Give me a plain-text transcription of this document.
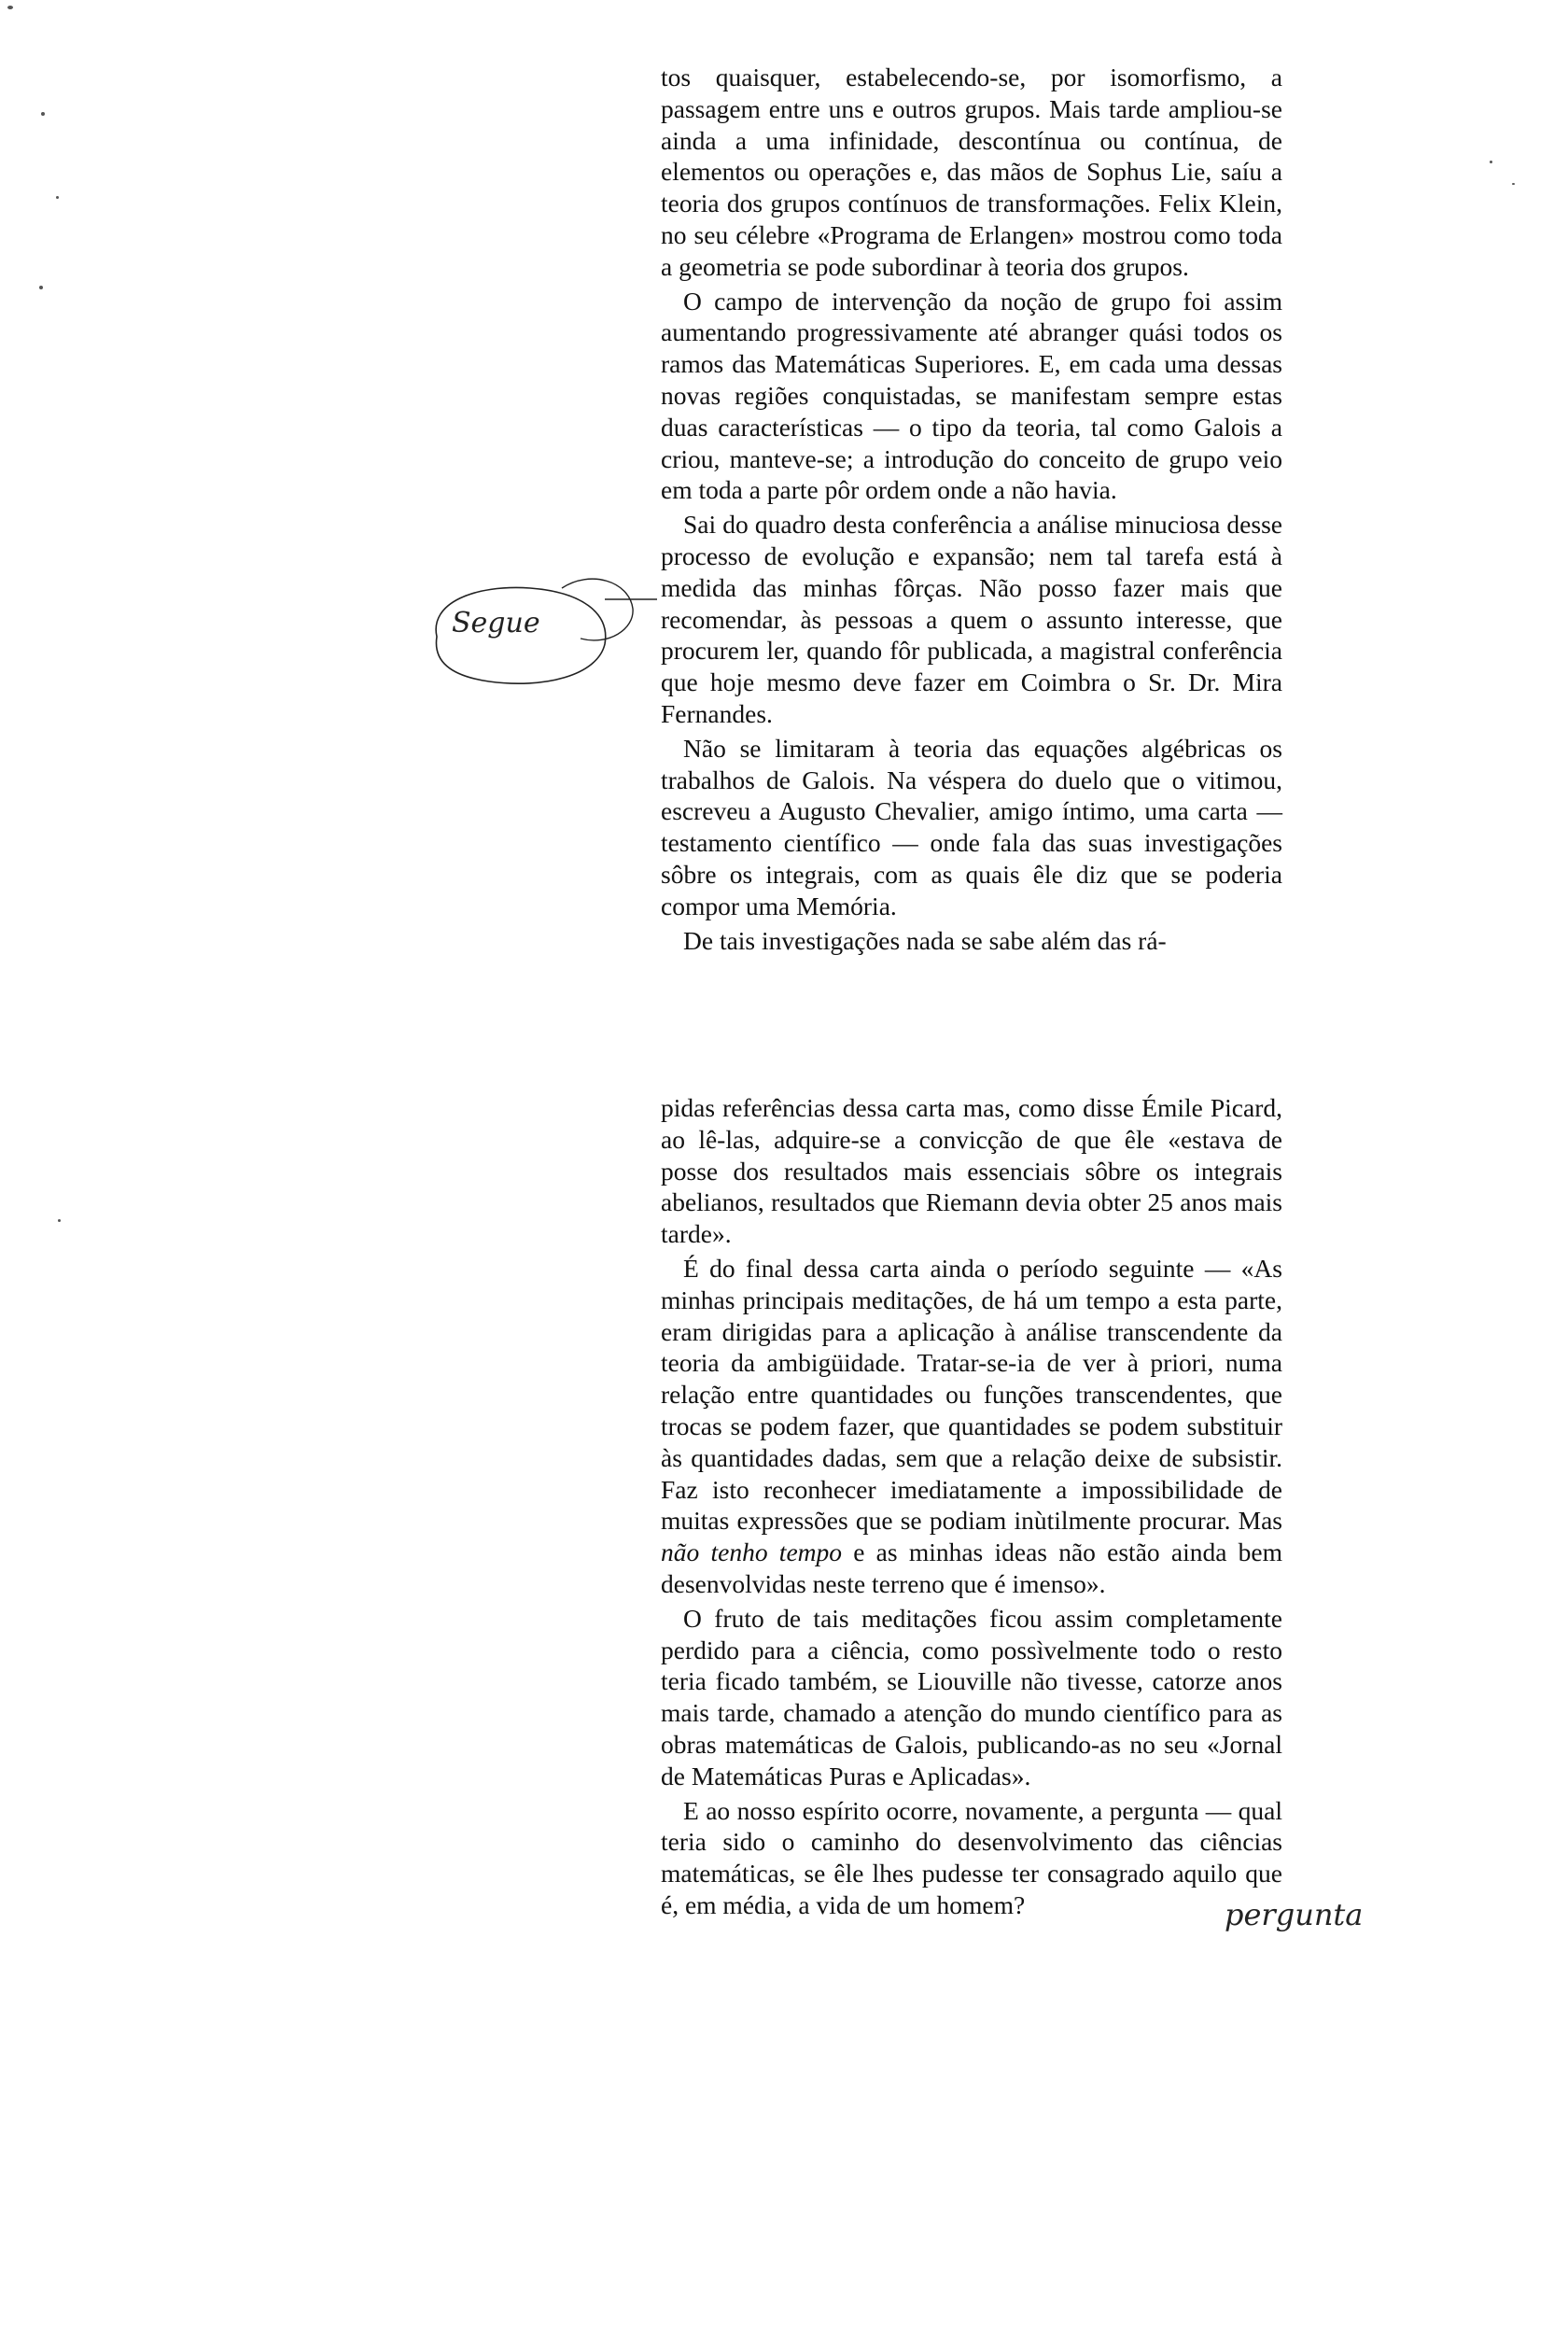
tos quaisquer, estabelecendo-se, por isomorfismo, a passagem entre uns e outros grupos. Mais tarde ampliou-se ainda a uma infinidade, descontínua ou contínua, de elementos ou operações e, das mãos de Sophus Lie, saíu a teoria dos grupos contínuos de transformações. Felix Klein, no seu célebre «Programa de Erlangen» mostrou como toda a geometria se pode subordinar à teoria dos grupos.

O campo de intervenção da noção de grupo foi assim aumentando progressivamente até abranger quási todos os ramos das Matemáticas Superiores. E, em cada uma dessas novas regiões conquistadas, se manifestam sempre estas duas características — o tipo da teoria, tal como Galois a criou, manteve-se; a introdução do conceito de grupo veio em toda a parte pôr ordem onde a não havia.

Sai do quadro desta conferência a análise minuciosa desse processo de evolução e expansão; nem tal tarefa está à medida das minhas fôrças. Não posso fazer mais que recomendar, às pessoas a quem o assunto interesse, que procurem ler, quando fôr publicada, a magistral conferência que hoje mesmo deve fazer em Coimbra o Sr. Dr. Mira Fernandes.

Não se limitaram à teoria das equações algébricas os trabalhos de Galois. Na véspera do duelo que o vitimou, escreveu a Augusto Chevalier, amigo íntimo, uma carta — testamento científico — onde fala das suas investigações sôbre os integrais, com as quais êle diz que se poderia compor uma Memória.

De tais investigações nada se sabe além das rá-

pidas referências dessa carta mas, como disse Émile Picard, ao lê-las, adquire-se a convicção de que êle «estava de posse dos resultados mais essenciais sôbre os integrais abelianos, resultados que Riemann devia obter 25 anos mais tarde».

É do final dessa carta ainda o período seguinte — «As minhas principais meditações, de há um tempo a esta parte, eram dirigidas para a aplicação à análise transcendente da teoria da ambigüidade. Tratar-se-ia de ver à priori, numa relação entre quantidades ou funções transcendentes, que trocas se podem fazer, que quantidades se podem substituir às quantidades dadas, sem que a relação deixe de subsistir. Faz isto reconhecer imediatamente a impossibilidade de muitas expressões que se podiam inùtilmente procurar. Mas não tenho tempo e as minhas ideas não estão ainda bem desenvolvidas neste terreno que é imenso».

O fruto de tais meditações ficou assim completamente perdido para a ciência, como possìvelmente todo o resto teria ficado também, se Liouville não tivesse, catorze anos mais tarde, chamado a atenção do mundo científico para as obras matemáticas de Galois, publicando-as no seu «Jornal de Matemáticas Puras e Aplicadas».

E ao nosso espírito ocorre, novamente, a pergunta — qual teria sido o caminho do desenvolvimento das ciências matemáticas, se êle lhes pudesse ter consagrado aquilo que é, em média, a vida de um homem?

Segue
pergunta
